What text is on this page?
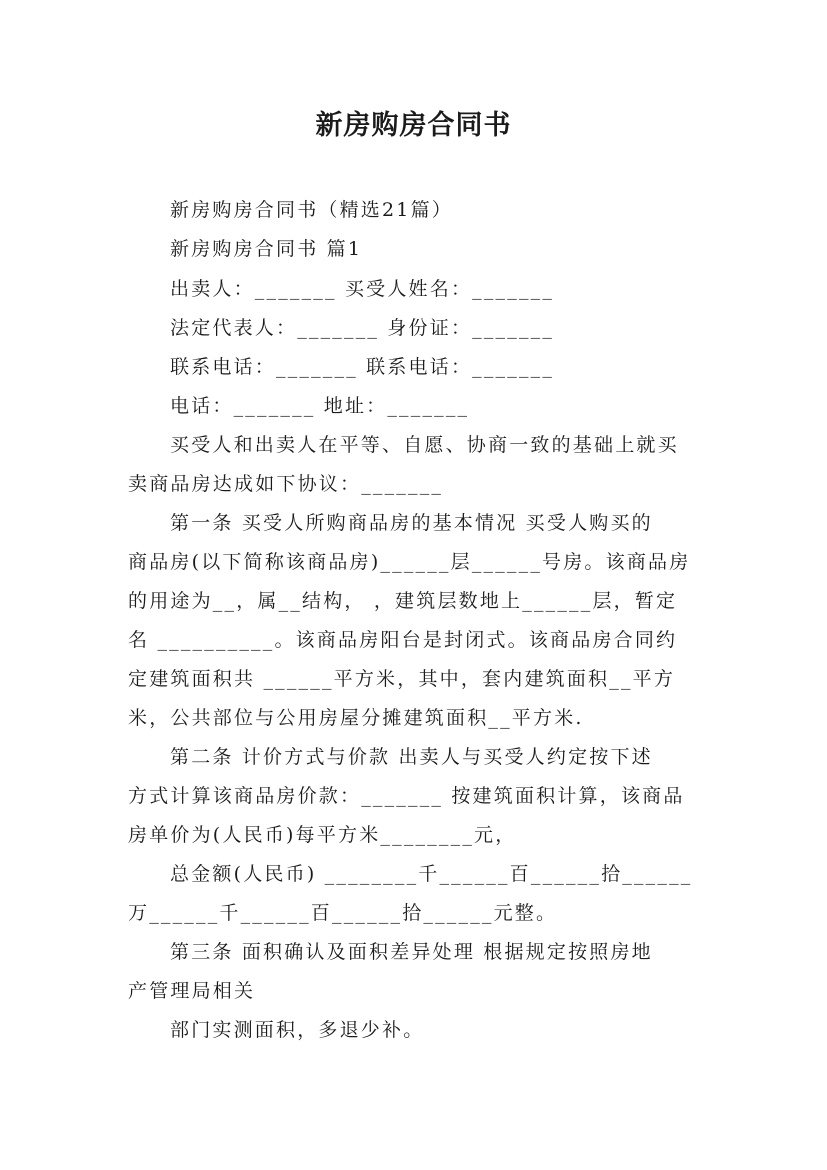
新房购房合同书
新房购房合同书（精选21篇）
新房购房合同书 篇1
出卖人：_______ 买受人姓名：_______
法定代表人：_______ 身份证：_______
联系电话：_______ 联系电话：_______
电话：_______ 地址：_______
买受人和出卖人在平等、自愿、协商一致的基础上就买
卖商品房达成如下协议：_______
第一条 买受人所购商品房的基本情况 买受人购买的
商品房(以下简称该商品房)______层______号房。该商品房
的用途为__，属__结构， ，建筑层数地上______层，暂定
名 __________。该商品房阳台是封闭式。该商品房合同约
定建筑面积共 ______平方米，其中，套内建筑面积__平方
米，公共部位与公用房屋分摊建筑面积__平方米.
第二条 计价方式与价款 出卖人与买受人约定按下述
方式计算该商品房价款：_______ 按建筑面积计算，该商品
房单价为(人民币)每平方米________元，
总金额(人民币) ________千______百______拾______
万______千______百______拾______元整。
第三条 面积确认及面积差异处理 根据规定按照房地
产管理局相关
部门实测面积，多退少补。
